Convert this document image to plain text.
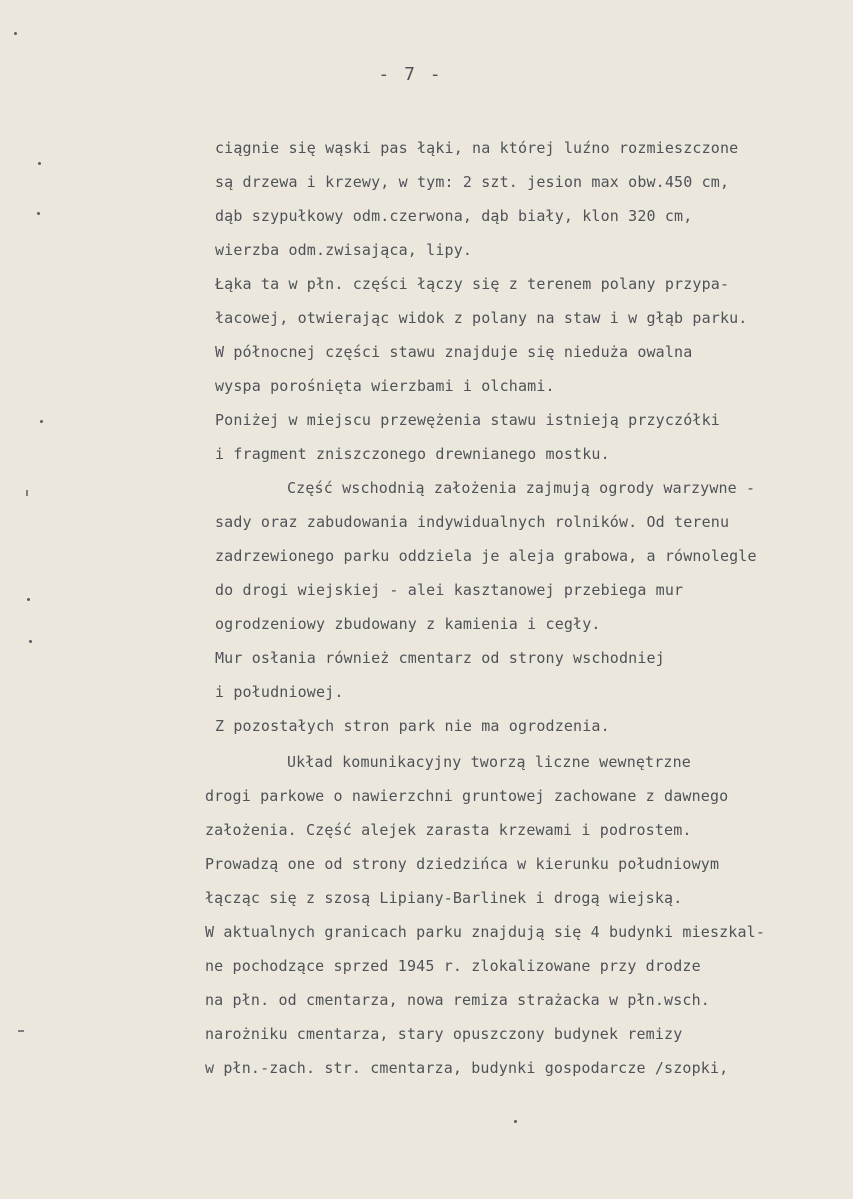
- 7 -
ciągnie się wąski pas łąki, na której luźno rozmieszczone
są drzewa i krzewy, w tym: 2 szt. jesion max obw.450 cm,
dąb szypułkowy odm.czerwona, dąb biały, klon 320 cm,
wierzba odm.zwisająca, lipy.
Łąka ta w płn. części łączy się z terenem polany przypa-
łacowej, otwierając widok z polany na staw i w głąb parku.
W północnej części stawu znajduje się nieduża owalna
wyspa porośnięta wierzbami i olchami.
Poniżej w miejscu przewężenia stawu istnieją przyczółki
i fragment zniszczonego drewnianego mostku.
Część wschodnią założenia zajmują ogrody warzywne -
sady oraz zabudowania indywidualnych rolników. Od terenu
zadrzewionego parku oddziela je aleja grabowa, a równolegle
do drogi wiejskiej - alei kasztanowej przebiega mur
ogrodzeniowy zbudowany z kamienia i cegły.
Mur osłania również cmentarz od strony wschodniej
i południowej.
Z pozostałych stron park nie ma ogrodzenia.
Układ komunikacyjny tworzą liczne wewnętrzne
drogi parkowe o nawierzchni gruntowej zachowane z dawnego
założenia. Część alejek zarasta krzewami i podrostem.
Prowadzą one od strony dziedzińca w kierunku południowym
łącząc się z szosą Lipiany-Barlinek i drogą wiejską.
W aktualnych granicach parku znajdują się 4 budynki mieszkal-
ne pochodzące sprzed 1945 r. zlokalizowane przy drodze
na płn. od cmentarza, nowa remiza strażacka w płn.wsch.
narożniku cmentarza, stary opuszczony budynek remizy
w płn.-zach. str. cmentarza, budynki gospodarcze /szopki,
